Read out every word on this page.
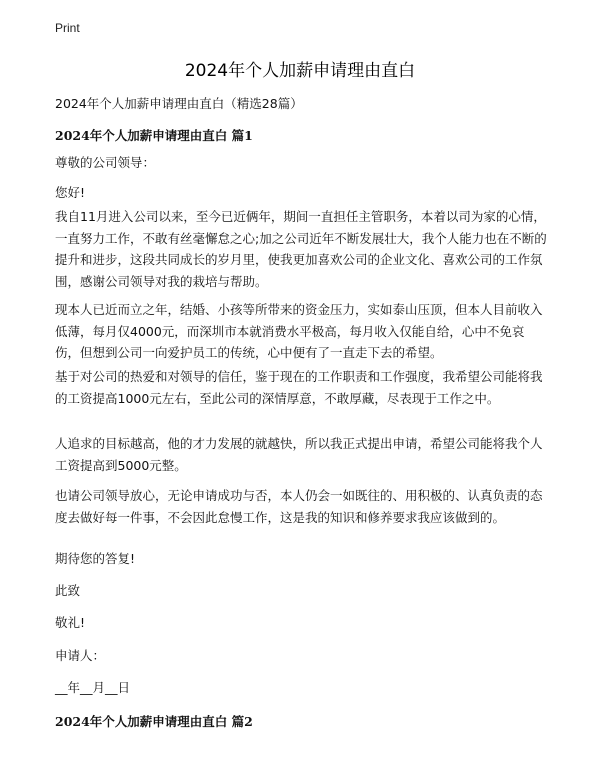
Print
2024年个人加薪申请理由直白

2024年个人加薪申请理由直白（精选28篇）

2024年个人加薪申请理由直白 篇1

尊敬的公司领导：

您好!

我自11月进入公司以来，至今已近俩年，期间一直担任主管职务，本着以司为家的心情，一直努力工作，不敢有丝毫懈怠之心;加之公司近年不断发展壮大，我个人能力也在不断的提升和进步，这段共同成长的岁月里，使我更加喜欢公司的企业文化、喜欢公司的工作氛围，感谢公司领导对我的栽培与帮助。

现本人已近而立之年，结婚、小孩等所带来的资金压力，实如泰山压顶，但本人目前收入低薄，每月仅4000元，而深圳市本就消费水平极高，每月收入仅能自给，心中不免哀伤，但想到公司一向爱护员工的传统，心中便有了一直走下去的希望。

基于对公司的热爱和对领导的信任，鉴于现在的工作职责和工作强度，我希望公司能将我的工资提高1000元左右，至此公司的深情厚意，不敢厚藏，尽表现于工作之中。

人追求的目标越高，他的才力发展的就越快，所以我正式提出申请，希望公司能将我个人工资提高到5000元整。

也请公司领导放心，无论申请成功与否，本人仍会一如既往的、用积极的、认真负责的态度去做好每一件事，不会因此怠慢工作，这是我的知识和修养要求我应该做到的。

期待您的答复!

此致

敬礼!

申请人：

__年__月__日

2024年个人加薪申请理由直白 篇2
